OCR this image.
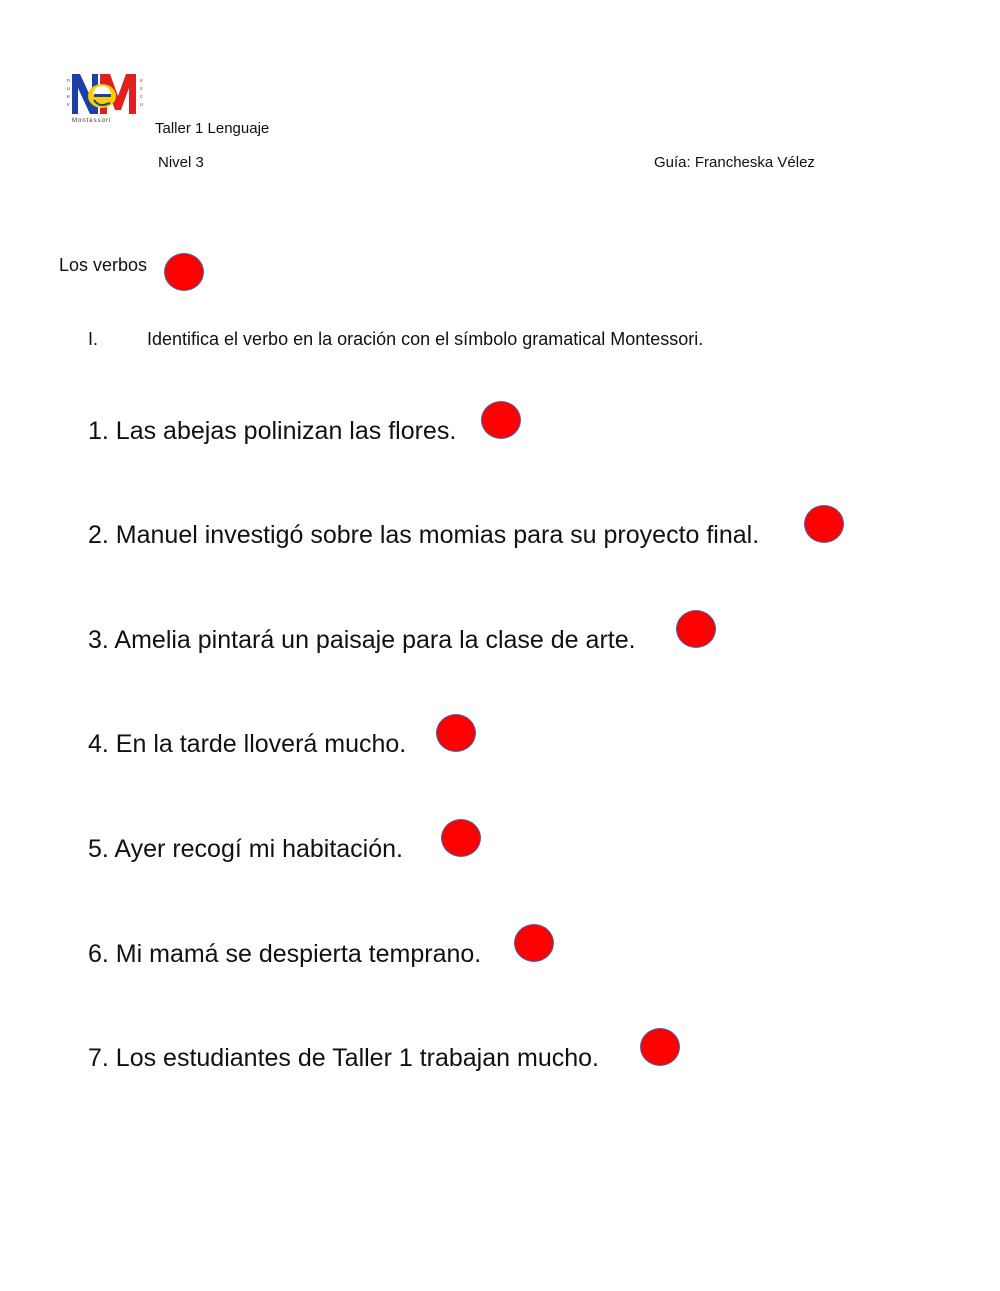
n
u
e
v
e
s
c
u
Montessori	Taller 1 Lenguaje
Nivel 3	Guía: Francheska Vélez
Los verbos
I.	Identifica el verbo en la oración con el símbolo gramatical Montessori.
1. Las abejas polinizan las flores.
2. Manuel investigó sobre las momias para su proyecto final.
3. Amelia pintará un paisaje para la clase de arte.
4. En la tarde lloverá mucho.
5. Ayer recogí mi habitación.
6. Mi mamá se despierta temprano.
7. Los estudiantes de Taller 1 trabajan mucho.
